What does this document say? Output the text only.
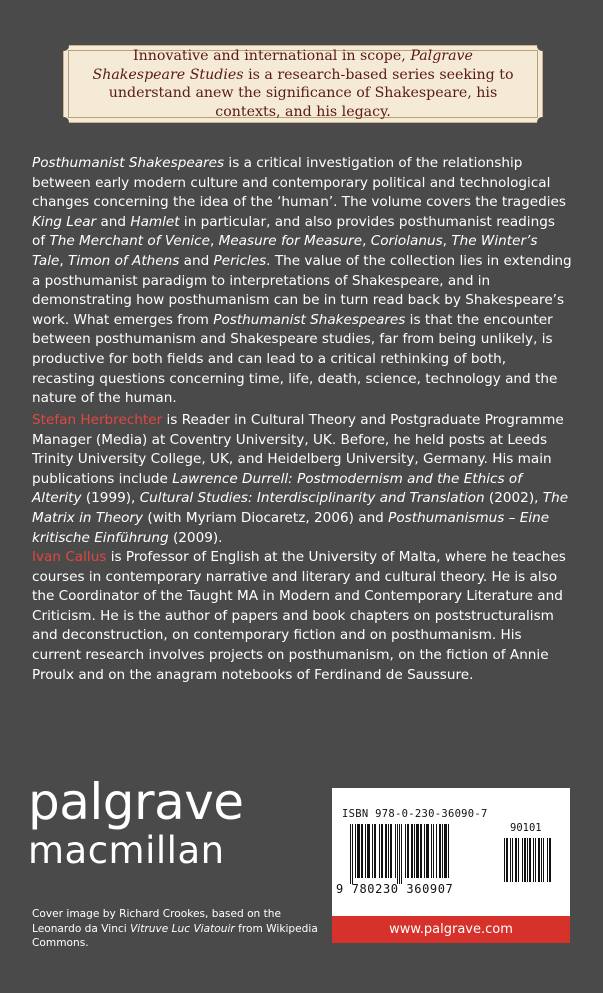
Innovative and international in scope, Palgrave Shakespeare Studies is a research-based series seeking to understand anew the significance of Shakespeare, his contexts, and his legacy.
Posthumanist Shakespeares is a critical investigation of the relationship between early modern culture and contemporary political and technological changes concerning the idea of the ‘human’. The volume covers the tragedies King Lear and Hamlet in particular, and also provides posthumanist readings of The Merchant of Venice, Measure for Measure, Coriolanus, The Winter’s Tale, Timon of Athens and Pericles. The value of the collection lies in extending a posthumanist paradigm to interpretations of Shakespeare, and in demonstrating how posthumanism can be in turn read back by Shakespeare’s work. What emerges from Posthumanist Shakespeares is that the encounter between posthumanism and Shakespeare studies, far from being unlikely, is productive for both fields and can lead to a critical rethinking of both, recasting questions concerning time, life, death, science, technology and the nature of the human.
Stefan Herbrechter is Reader in Cultural Theory and Postgraduate Programme Manager (Media) at Coventry University, UK. Before, he held posts at Leeds Trinity University College, UK, and Heidelberg University, Germany. His main publications include Lawrence Durrell: Postmodernism and the Ethics of Alterity (1999), Cultural Studies: Interdisciplinarity and Translation (2002), The Matrix in Theory (with Myriam Diocaretz, 2006) and Posthumanismus – Eine kritische Einführung (2009).
Ivan Callus is Professor of English at the University of Malta, where he teaches courses in contemporary narrative and literary and cultural theory. He is also the Coordinator of the Taught MA in Modern and Contemporary Literature and Criticism. He is the author of papers and book chapters on poststructuralism and deconstruction, on contemporary fiction and on posthumanism. His current research involves projects on posthumanism, on the fiction of Annie Proulx and on the anagram notebooks of Ferdinand de Saussure.
palgrave
macmillan
Cover image by Richard Crookes, based on the Leonardo da Vinci Vitruve Luc Viatouir from Wikipedia Commons.
ISBN 978-0-230-36090-7
90101
9 780230 360907
www.palgrave.com
